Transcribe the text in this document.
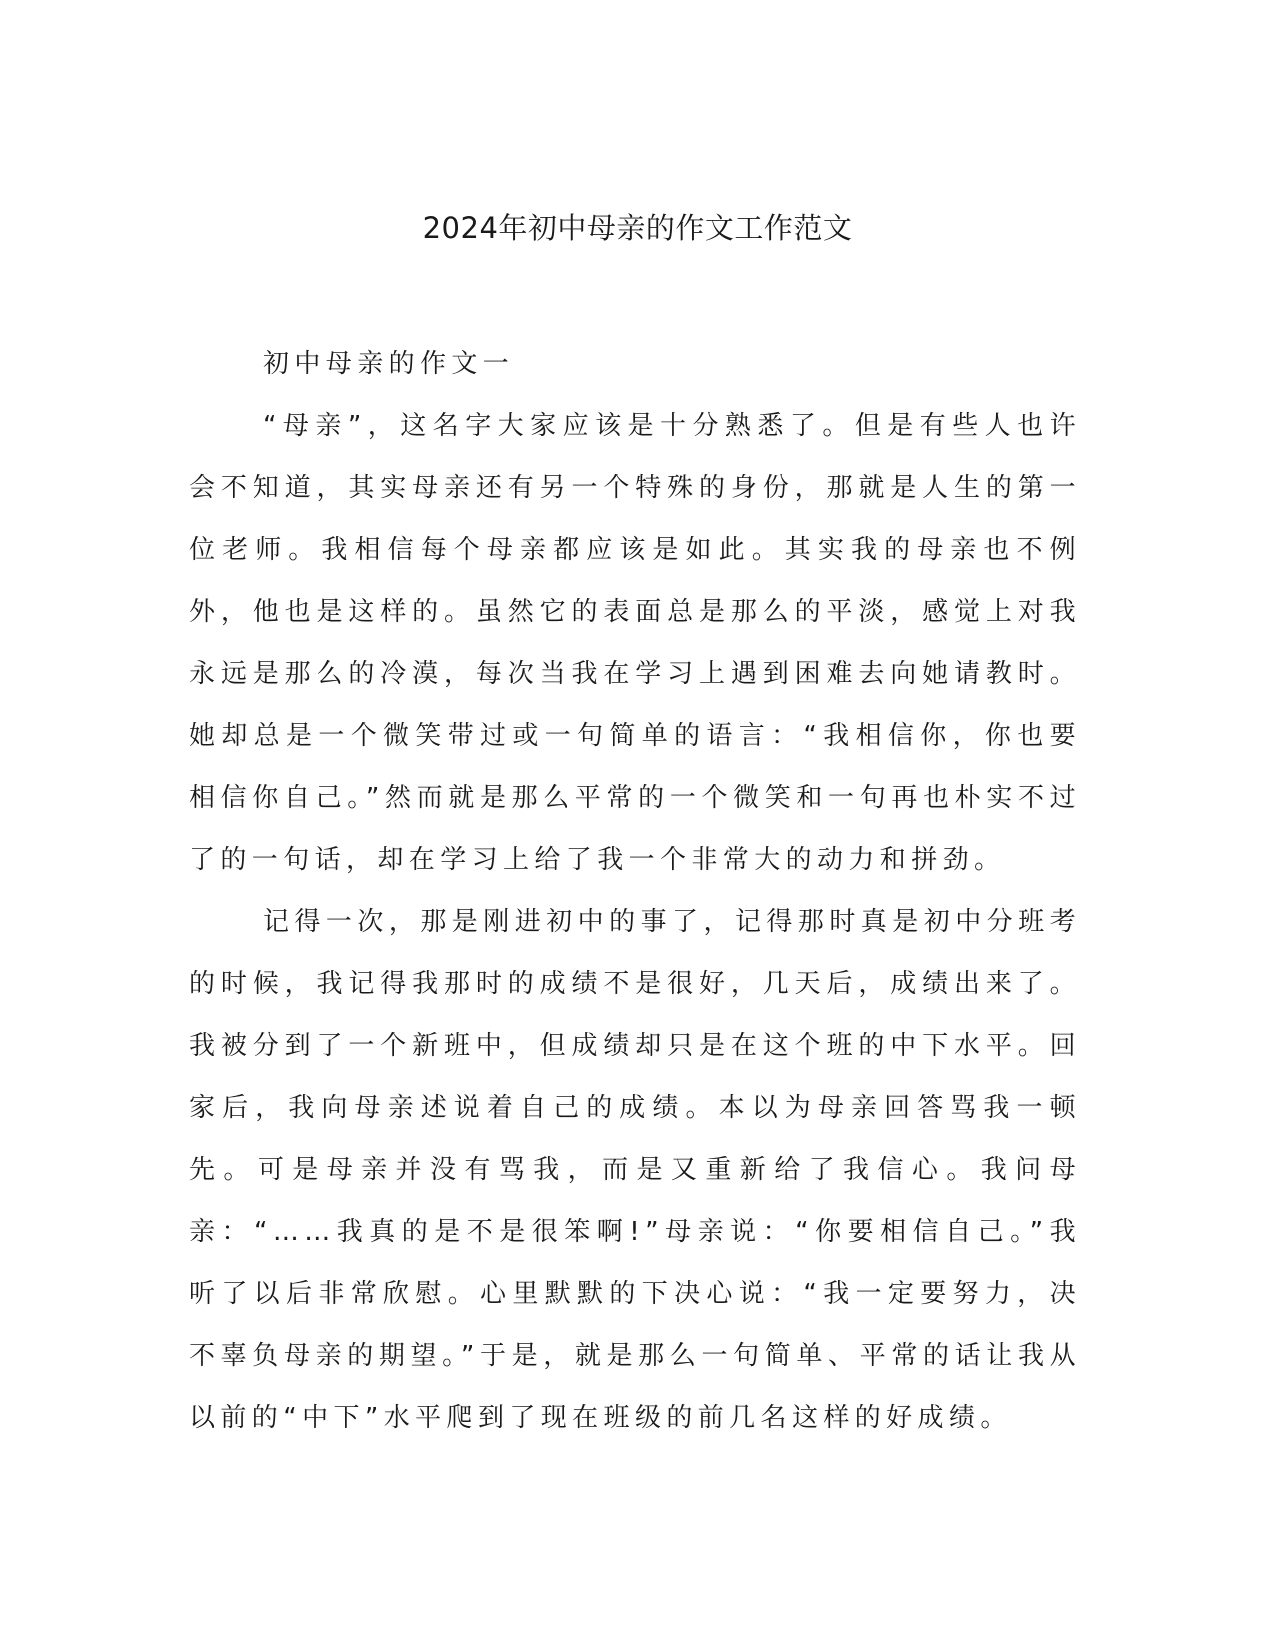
2024年初中母亲的作文工作范文

初中母亲的作文一

“母亲”，这名字大家应该是十分熟悉了。但是有些人也许会不知道，其实母亲还有另一个特殊的身份，那就是人生的第一位老师。我相信每个母亲都应该是如此。其实我的母亲也不例外，他也是这样的。虽然它的表面总是那么的平淡，感觉上对我永远是那么的冷漠，每次当我在学习上遇到困难去向她请教时。她却总是一个微笑带过或一句简单的语言：“我相信你，你也要相信你自己。”然而就是那么平常的一个微笑和一句再也朴实不过了的一句话，却在学习上给了我一个非常大的动力和拼劲。

记得一次，那是刚进初中的事了，记得那时真是初中分班考的时候，我记得我那时的成绩不是很好，几天后，成绩出来了。我被分到了一个新班中，但成绩却只是在这个班的中下水平。回家后，我向母亲述说着自己的成绩。本以为母亲回答骂我一顿先。可是母亲并没有骂我，而是又重新给了我信心。我问母亲：“……我真的是不是很笨啊!”母亲说：“你要相信自己。”我听了以后非常欣慰。心里默默的下决心说：“我一定要努力，决不辜负母亲的期望。”于是，就是那么一句简单、平常的话让我从以前的“中下”水平爬到了现在班级的前几名这样的好成绩。
